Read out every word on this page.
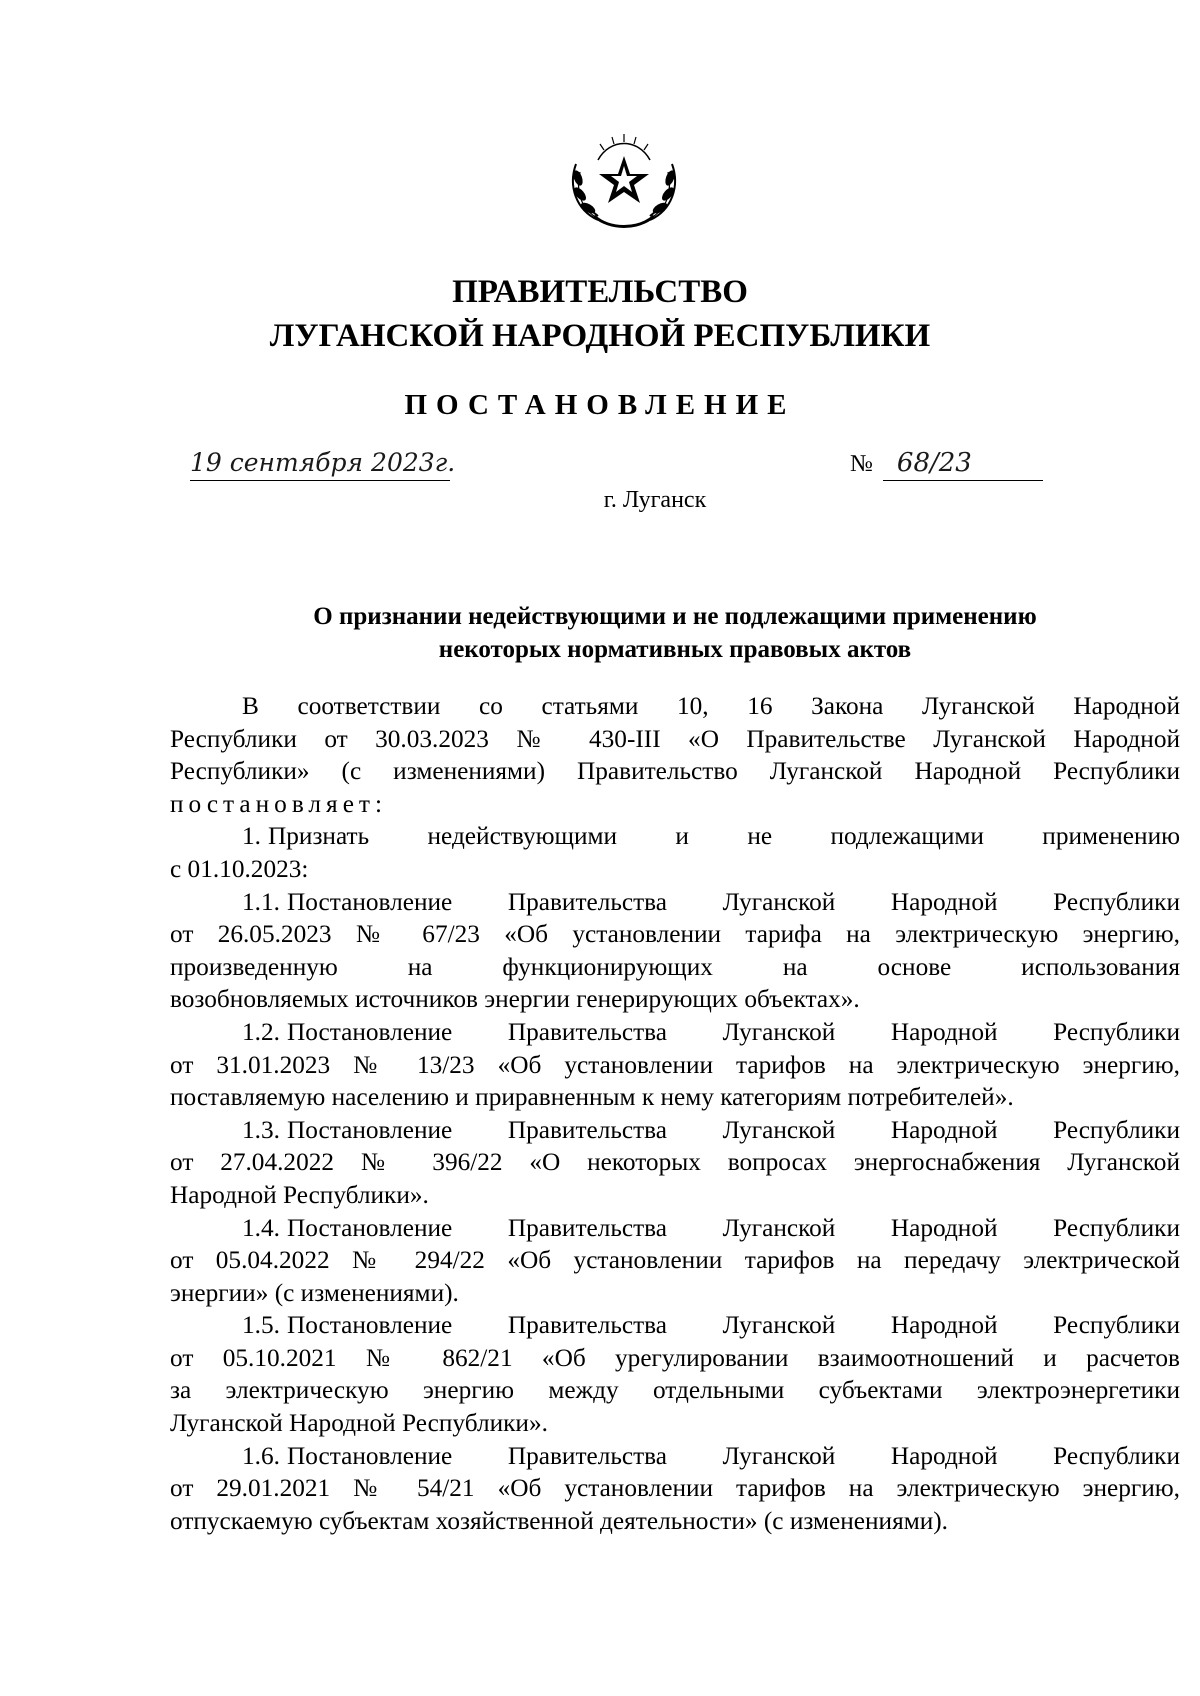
ПРАВИТЕЛЬСТВО
ЛУГАНСКОЙ НАРОДНОЙ РЕСПУБЛИКИ
ПОСТАНОВЛЕНИЕ
19 сентября 2023г.	№ 68/23
г. Луганск
О признании недействующими и не подлежащими применению
некоторых нормативных правовых актов
В соответствии со статьями 10, 16 Закона Луганской Народной
Республики от 30.03.2023 № 430-III «О Правительстве Луганской Народной
Республики» (с изменениями) Правительство Луганской Народной Республики
постановляет:
1. Признать недействующими и не подлежащими применению
с 01.10.2023:
1.1. Постановление Правительства Луганской Народной Республики
от 26.05.2023 № 67/23 «Об установлении тарифа на электрическую энергию,
произведенную на функционирующих на основе использования
возобновляемых источников энергии генерирующих объектах».
1.2. Постановление Правительства Луганской Народной Республики
от 31.01.2023 № 13/23 «Об установлении тарифов на электрическую энергию,
поставляемую населению и приравненным к нему категориям потребителей».
1.3. Постановление Правительства Луганской Народной Республики
от 27.04.2022 № 396/22 «О некоторых вопросах энергоснабжения Луганской
Народной Республики».
1.4. Постановление Правительства Луганской Народной Республики
от 05.04.2022 № 294/22 «Об установлении тарифов на передачу электрической
энергии» (с изменениями).
1.5. Постановление Правительства Луганской Народной Республики
от 05.10.2021 № 862/21 «Об урегулировании взаимоотношений и расчетов
за электрическую энергию между отдельными субъектами электроэнергетики
Луганской Народной Республики».
1.6. Постановление Правительства Луганской Народной Республики
от 29.01.2021 № 54/21 «Об установлении тарифов на электрическую энергию,
отпускаемую субъектам хозяйственной деятельности» (с изменениями).
